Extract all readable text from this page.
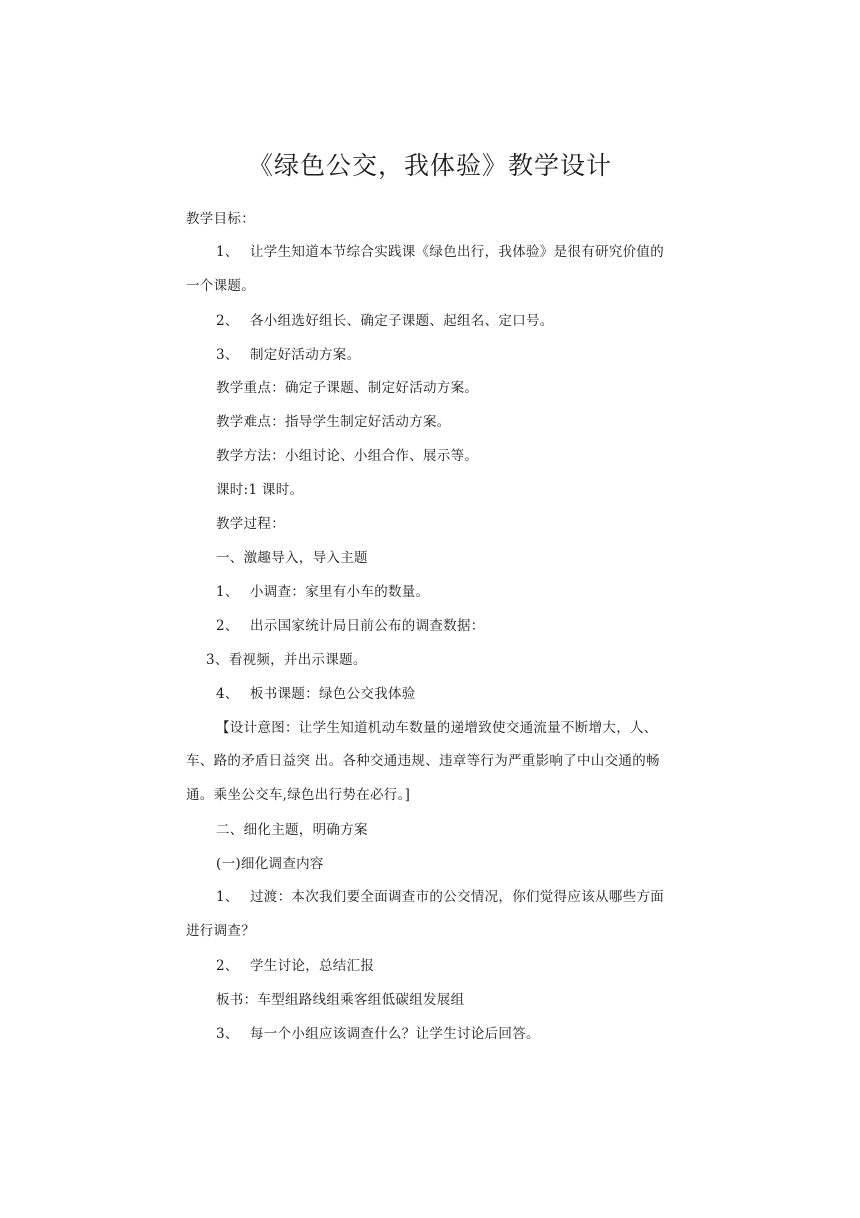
《绿色公交，我体验》教学设计
教学目标：
1、 让学生知道本节综合实践课《绿色出行，我体验》是很有研究价值的
一个课题。
2、 各小组选好组长、确定子课题、起组名、定口号。
3、 制定好活动方案。
教学重点：确定子课题、制定好活动方案。
教学难点：指导学生制定好活动方案。
教学方法：小组讨论、小组合作、展示等。
课时:1 课时。
教学过程：
一、激趣导入，导入主题
1、 小调查：家里有小车的数量。
2、 出示国家统计局日前公布的调查数据：
3、看视频，并出示课题。
4、 板书课题：绿色公交我体验
【设计意图：让学生知道机动车数量的递增致使交通流量不断增大，人、
车、路的矛盾日益突 出。各种交通违规、违章等行为严重影响了中山交通的畅
通。乘坐公交车,绿色出行势在必行。]
二、细化主题，明确方案
(一)细化调查内容
1、 过渡：本次我们要全面调查市的公交情况，你们觉得应该从哪些方面
进行调查？
2、 学生讨论，总结汇报
板书：车型组路线组乘客组低碳组发展组
3、 每一个小组应该调查什么？让学生讨论后回答。
